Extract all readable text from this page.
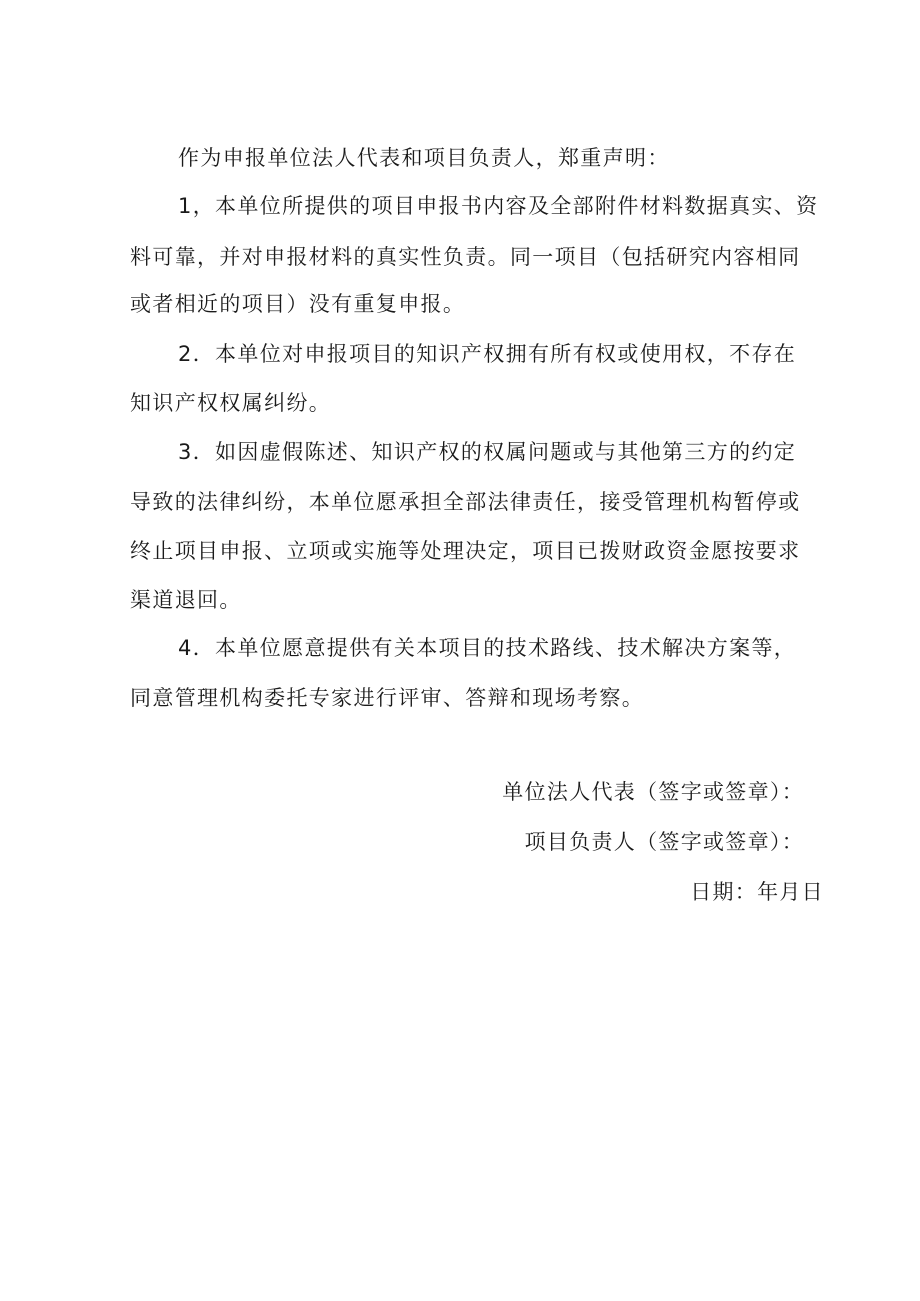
作为申报单位法人代表和项目负责人，郑重声明：
1，本单位所提供的项目申报书内容及全部附件材料数据真实、资
料可靠，并对申报材料的真实性负责。同一项目（包括研究内容相同
或者相近的项目）没有重复申报。
2．本单位对申报项目的知识产权拥有所有权或使用权，不存在
知识产权权属纠纷。
3．如因虚假陈述、知识产权的权属问题或与其他第三方的约定
导致的法律纠纷，本单位愿承担全部法律责任，接受管理机构暂停或
终止项目申报、立项或实施等处理决定，项目已拨财政资金愿按要求
渠道退回。
4．本单位愿意提供有关本项目的技术路线、技术解决方案等，
同意管理机构委托专家进行评审、答辩和现场考察。
单位法人代表（签字或签章）：
项目负责人（签字或签章）：
日期：年月日
